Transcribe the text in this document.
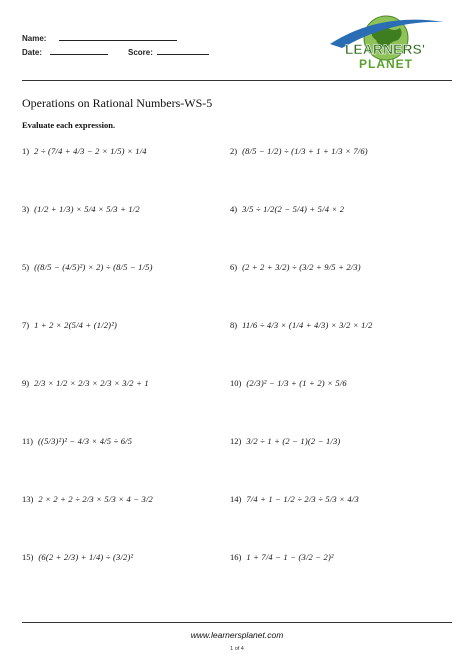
Name:
Date:	Score:	LEARNERS'
PLANET
Operations on Rational Numbers-WS-5
Evaluate each expression.
1) 2 ÷ (7/4 + 4/3 − 2 × 1/5) × 1/4	2) (8/5 − 1/2) ÷ (1/3 + 1 + 1/3 × 7/6)
3) (1/2 + 1/3) × 5/4 × 5/3 + 1/2	4) 3/5 ÷ 1/2(2 − 5/4) + 5/4 × 2
5) ((8/5 − (4/5)²) × 2) ÷ (8/5 − 1/5)	6) (2 + 2 + 3/2) ÷ (3/2 + 9/5 + 2/3)
7) 1 + 2 × 2(5/4 + (1/2)²)	8) 11/6 ÷ 4/3 × (1/4 + 4/3) × 3/2 × 1/2
9) 2/3 × 1/2 × 2/3 × 2/3 × 3/2 + 1	10) (2/3)² − 1/3 + (1 + 2) × 5/6
11) ((5/3)²)² − 4/3 × 4/5 ÷ 6/5	12) 3/2 ÷ 1 + (2 − 1)(2 − 1/3)
13) 2 × 2 + 2 ÷ 2/3 × 5/3 × 4 − 3/2	14) 7/4 + 1 − 1/2 ÷ 2/3 ÷ 5/3 × 4/3
15) (6(2 + 2/3) + 1/4) ÷ (3/2)²	16) 1 + 7/4 − 1 − (3/2 − 2)²
www.learnersplanet.com
1 of 4
